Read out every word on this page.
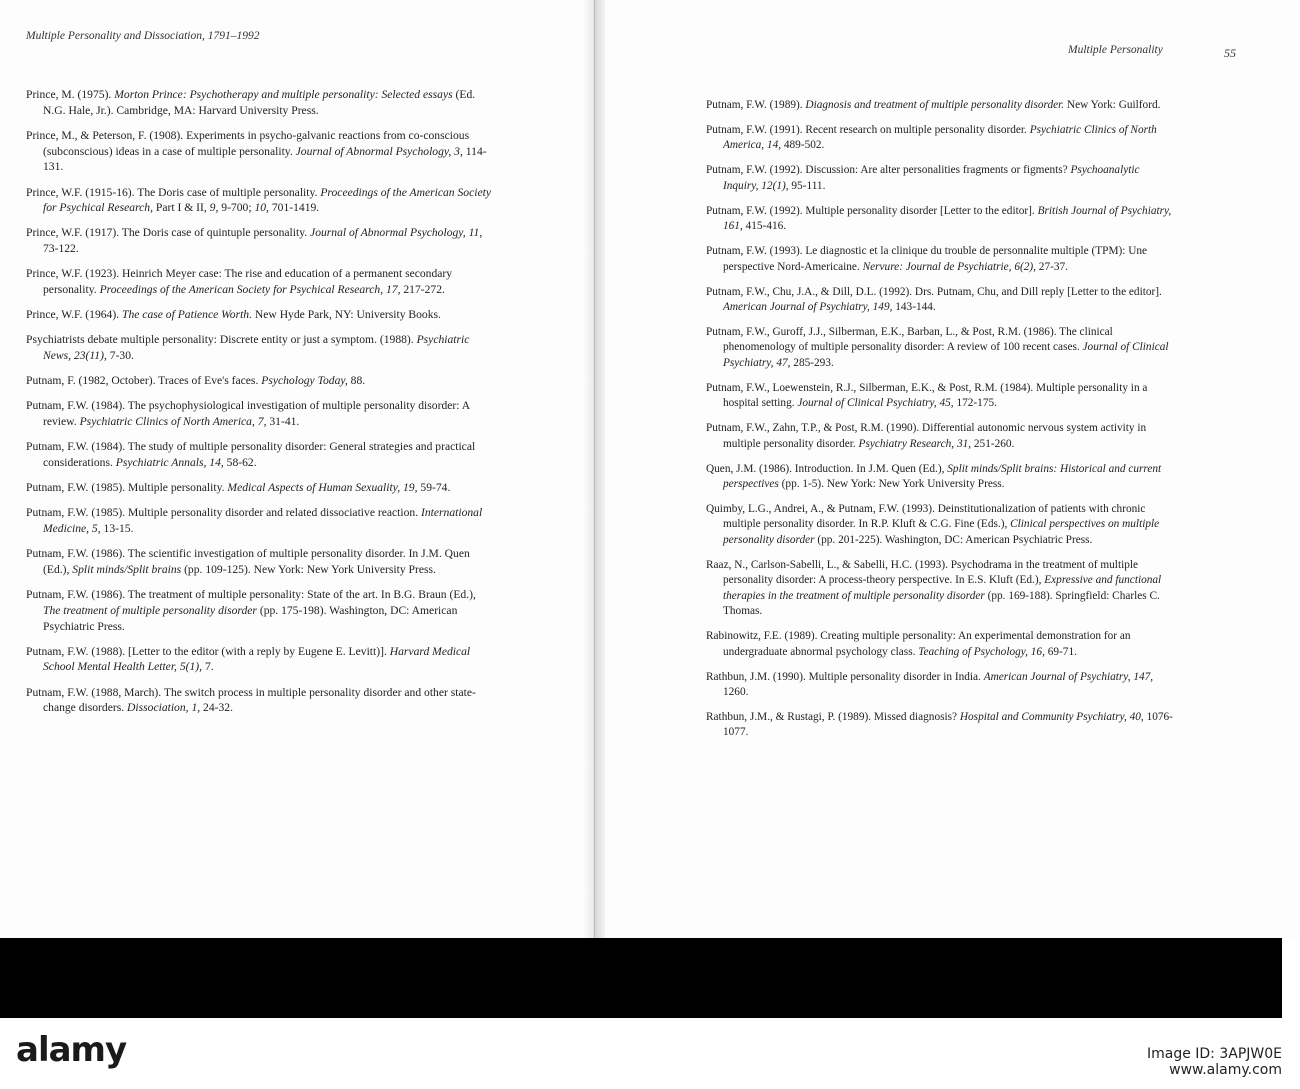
Multiple Personality and Dissociation, 1791–1992
Prince, M. (1975). Morton Prince: Psychotherapy and multiple personality: Selected essays (Ed. N.G. Hale, Jr.). Cambridge, MA: Harvard University Press.
Prince, M., & Peterson, F. (1908). Experiments in psycho-galvanic reactions from co-conscious (subconscious) ideas in a case of multiple personality. Journal of Abnormal Psychology, 3, 114-131.
Prince, W.F. (1915-16). The Doris case of multiple personality. Proceedings of the American Society for Psychical Research, Part I & II, 9, 9-700; 10, 701-1419.
Prince, W.F. (1917). The Doris case of quintuple personality. Journal of Abnormal Psychology, 11, 73-122.
Prince, W.F. (1923). Heinrich Meyer case: The rise and education of a permanent secondary personality. Proceedings of the American Society for Psychical Research, 17, 217-272.
Prince, W.F. (1964). The case of Patience Worth. New Hyde Park, NY: University Books.
Psychiatrists debate multiple personality: Discrete entity or just a symptom. (1988). Psychiatric News, 23(11), 7-30.
Putnam, F. (1982, October). Traces of Eve's faces. Psychology Today, 88.
Putnam, F.W. (1984). The psychophysiological investigation of multiple personality disorder: A review. Psychiatric Clinics of North America, 7, 31-41.
Putnam, F.W. (1984). The study of multiple personality disorder: General strategies and practical considerations. Psychiatric Annals, 14, 58-62.
Putnam, F.W. (1985). Multiple personality. Medical Aspects of Human Sexuality, 19, 59-74.
Putnam, F.W. (1985). Multiple personality disorder and related dissociative reaction. International Medicine, 5, 13-15.
Putnam, F.W. (1986). The scientific investigation of multiple personality disorder. In J.M. Quen (Ed.), Split minds/Split brains (pp. 109-125). New York: New York University Press.
Putnam, F.W. (1986). The treatment of multiple personality: State of the art. In B.G. Braun (Ed.), The treatment of multiple personality disorder (pp. 175-198). Washington, DC: American Psychiatric Press.
Putnam, F.W. (1988). [Letter to the editor (with a reply by Eugene E. Levitt)]. Harvard Medical School Mental Health Letter, 5(1), 7.
Putnam, F.W. (1988, March). The switch process in multiple personality disorder and other state-change disorders. Dissociation, 1, 24-32.
Multiple Personality	55
Putnam, F.W. (1989). Diagnosis and treatment of multiple personality disorder. New York: Guilford.
Putnam, F.W. (1991). Recent research on multiple personality disorder. Psychiatric Clinics of North America, 14, 489-502.
Putnam, F.W. (1992). Discussion: Are alter personalities fragments or figments? Psychoanalytic Inquiry, 12(1), 95-111.
Putnam, F.W. (1992). Multiple personality disorder [Letter to the editor]. British Journal of Psychiatry, 161, 415-416.
Putnam, F.W. (1993). Le diagnostic et la clinique du trouble de personnalite multiple (TPM): Une perspective Nord-Americaine. Nervure: Journal de Psychiatrie, 6(2), 27-37.
Putnam, F.W., Chu, J.A., & Dill, D.L. (1992). Drs. Putnam, Chu, and Dill reply [Letter to the editor]. American Journal of Psychiatry, 149, 143-144.
Putnam, F.W., Guroff, J.J., Silberman, E.K., Barban, L., & Post, R.M. (1986). The clinical phenomenology of multiple personality disorder: A review of 100 recent cases. Journal of Clinical Psychiatry, 47, 285-293.
Putnam, F.W., Loewenstein, R.J., Silberman, E.K., & Post, R.M. (1984). Multiple personality in a hospital setting. Journal of Clinical Psychiatry, 45, 172-175.
Putnam, F.W., Zahn, T.P., & Post, R.M. (1990). Differential autonomic nervous system activity in multiple personality disorder. Psychiatry Research, 31, 251-260.
Quen, J.M. (1986). Introduction. In J.M. Quen (Ed.), Split minds/Split brains: Historical and current perspectives (pp. 1-5). New York: New York University Press.
Quimby, L.G., Andrei, A., & Putnam, F.W. (1993). Deinstitutionalization of patients with chronic multiple personality disorder. In R.P. Kluft & C.G. Fine (Eds.), Clinical perspectives on multiple personality disorder (pp. 201-225). Washington, DC: American Psychiatric Press.
Raaz, N., Carlson-Sabelli, L., & Sabelli, H.C. (1993). Psychodrama in the treatment of multiple personality disorder: A process-theory perspective. In E.S. Kluft (Ed.), Expressive and functional therapies in the treatment of multiple personality disorder (pp. 169-188). Springfield: Charles C. Thomas.
Rabinowitz, F.E. (1989). Creating multiple personality: An experimental demonstration for an undergraduate abnormal psychology class. Teaching of Psychology, 16, 69-71.
Rathbun, J.M. (1990). Multiple personality disorder in India. American Journal of Psychiatry, 147, 1260.
Rathbun, J.M., & Rustagi, P. (1989). Missed diagnosis? Hospital and Community Psychiatry, 40, 1076-1077.
alamy	Image ID: 3APJW0E
www.alamy.com
